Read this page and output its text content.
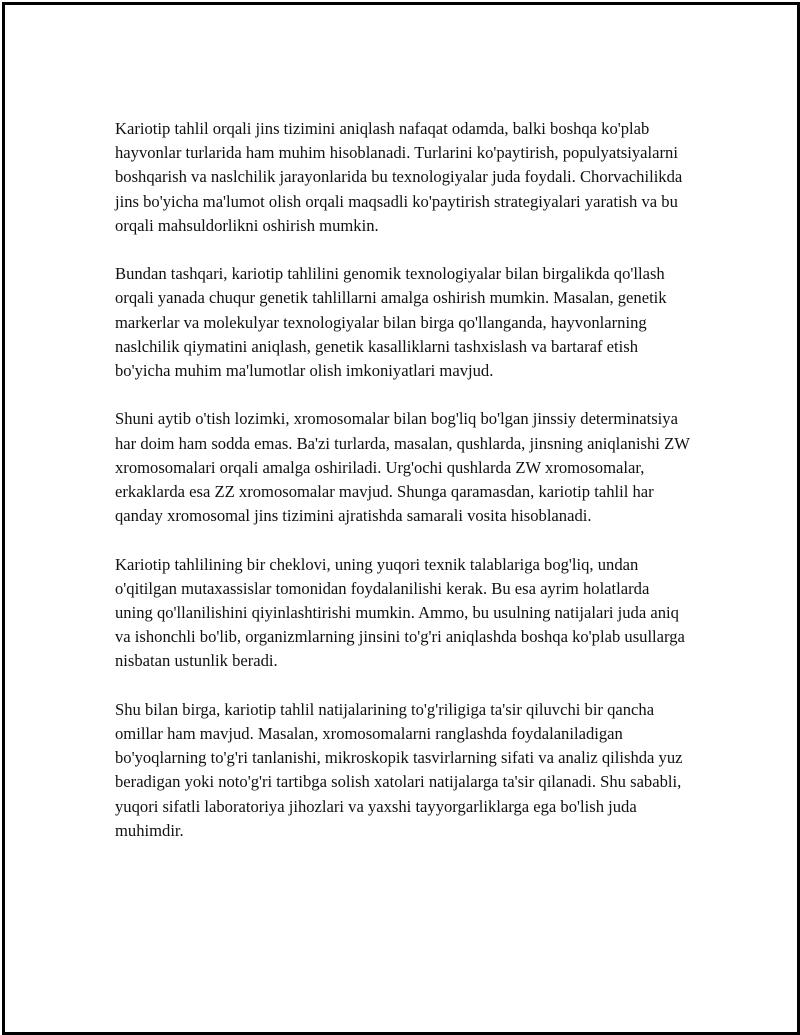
Kariotip tahlil orqali jins tizimini aniqlash nafaqat odamda, balki boshqa ko'plab hayvonlar turlarida ham muhim hisoblanadi. Turlarini ko'paytirish, populyatsiyalarni boshqarish va naslchilik jarayonlarida bu texnologiyalar juda foydali. Chorvachilikda jins bo'yicha ma'lumot olish orqali maqsadli ko'paytirish strategiyalari yaratish va bu orqali mahsuldorlikni oshirish mumkin.

Bundan tashqari, kariotip tahlilini genomik texnologiyalar bilan birgalikda qo'llash orqali yanada chuqur genetik tahlillarni amalga oshirish mumkin. Masalan, genetik markerlar va molekulyar texnologiyalar bilan birga qo'llanganda, hayvonlarning naslchilik qiymatini aniqlash, genetik kasalliklarni tashxislash va bartaraf etish bo'yicha muhim ma'lumotlar olish imkoniyatlari mavjud.

Shuni aytib o'tish lozimki, xromosomalar bilan bog'liq bo'lgan jinssiy determinatsiya har doim ham sodda emas. Ba'zi turlarda, masalan, qushlarda, jinsning aniqlanishi ZW xromosomalari orqali amalga oshiriladi. Urg'ochi qushlarda ZW xromosomalar, erkaklarda esa ZZ xromosomalar mavjud. Shunga qaramasdan, kariotip tahlil har qanday xromosomal jins tizimini ajratishda samarali vosita hisoblanadi.

Kariotip tahlilining bir cheklovi, uning yuqori texnik talablariga bog'liq, undan o'qitilgan mutaxassislar tomonidan foydalanilishi kerak. Bu esa ayrim holatlarda uning qo'llanilishini qiyinlashtirishi mumkin. Ammo, bu usulning natijalari juda aniq va ishonchli bo'lib, organizmlarning jinsini to'g'ri aniqlashda boshqa ko'plab usullarga nisbatan ustunlik beradi.

Shu bilan birga, kariotip tahlil natijalarining to'g'riligiga ta'sir qiluvchi bir qancha omillar ham mavjud. Masalan, xromosomalarni ranglashda foydalaniladigan bo'yoqlarning to'g'ri tanlanishi, mikroskopik tasvirlarning sifati va analiz qilishda yuz beradigan yoki noto'g'ri tartibga solish xatolari natijalarga ta'sir qilanadi. Shu sababli, yuqori sifatli laboratoriya jihozlari va yaxshi tayyorgarliklarga ega bo'lish juda muhimdir.
